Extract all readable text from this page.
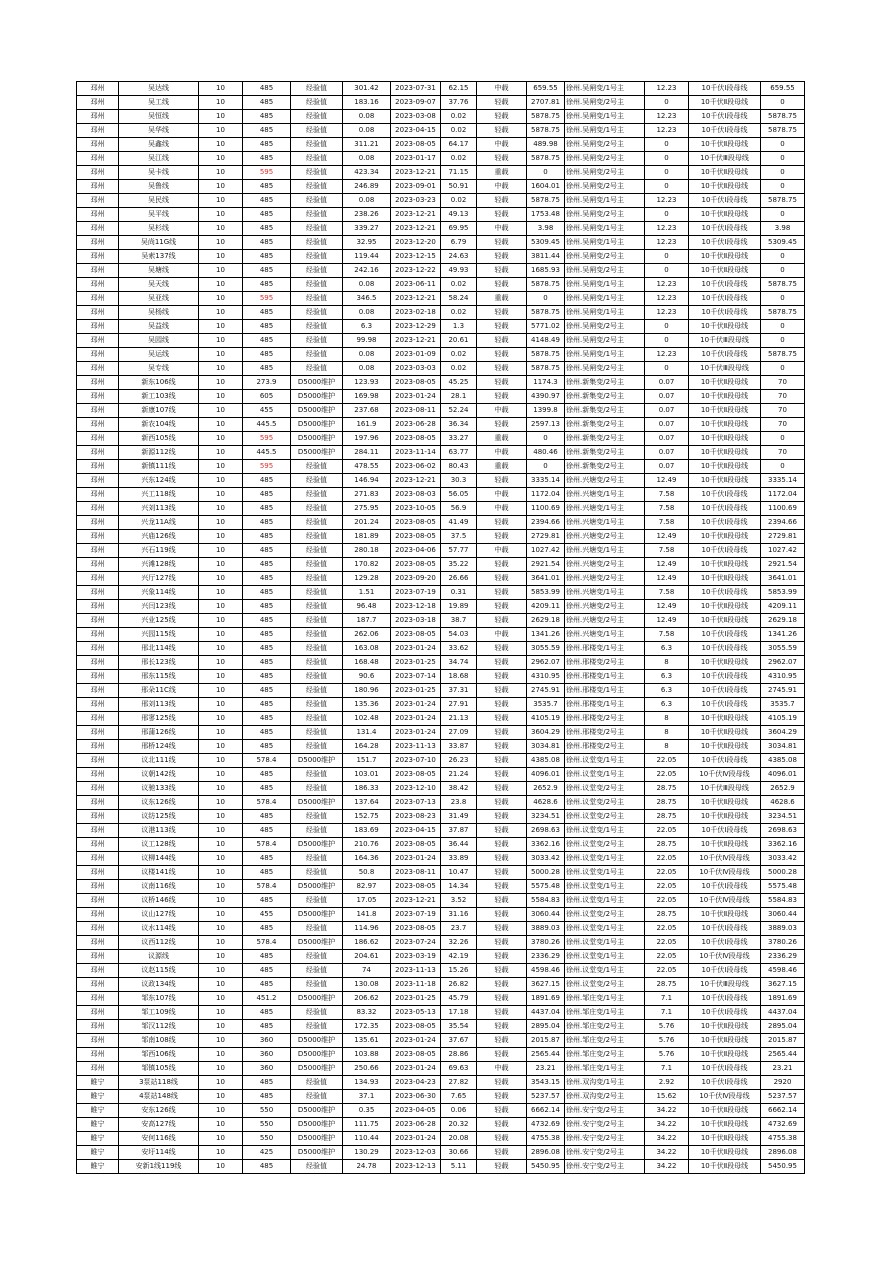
邳州	吴达线	10	485	经验值	301.42	2023-07-31	62.15	中载	659.55	徐州.吴闸变/1号主	12.23	10千伏Ⅰ段母线	659.55
邳州	吴工线	10	485	经验值	183.16	2023-09-07	37.76	轻载	2707.81	徐州.吴闸变/2号主	0	10千伏Ⅱ段母线	0
邳州	吴恒线	10	485	经验值	0.08	2023-03-08	0.02	轻载	5878.75	徐州.吴闸变/1号主	12.23	10千伏Ⅰ段母线	5878.75
邳州	吴华线	10	485	经验值	0.08	2023-04-15	0.02	轻载	5878.75	徐州.吴闸变/1号主	12.23	10千伏Ⅰ段母线	5878.75
邳州	吴鑫线	10	485	经验值	311.21	2023-08-05	64.17	中载	489.98	徐州.吴闸变/2号主	0	10千伏Ⅱ段母线	0
邳州	吴江线	10	485	经验值	0.08	2023-01-17	0.02	轻载	5878.75	徐州.吴闸变/2号主	0	10千伏Ⅲ段母线	0
邳州	吴卡线	10	595	经验值	423.34	2023-12-21	71.15	重载	0	徐州.吴闸变/2号主	0	10千伏Ⅱ段母线	0
邳州	吴鲁线	10	485	经验值	246.89	2023-09-01	50.91	中载	1604.01	徐州.吴闸变/2号主	0	10千伏Ⅱ段母线	0
邳州	吴民线	10	485	经验值	0.08	2023-03-23	0.02	轻载	5878.75	徐州.吴闸变/1号主	12.23	10千伏Ⅰ段母线	5878.75
邳州	吴平线	10	485	经验值	238.26	2023-12-21	49.13	轻载	1753.48	徐州.吴闸变/2号主	0	10千伏Ⅱ段母线	0
邳州	吴杉线	10	485	经验值	339.27	2023-12-21	69.95	中载	3.98	徐州.吴闸变/1号主	12.23	10千伏Ⅰ段母线	3.98
邳州	吴尚11G线	10	485	经验值	32.95	2023-12-20	6.79	轻载	5309.45	徐州.吴闸变/1号主	12.23	10千伏Ⅰ段母线	5309.45
邳州	吴索137线	10	485	经验值	119.44	2023-12-15	24.63	轻载	3811.44	徐州.吴闸变/2号主	0	10千伏Ⅱ段母线	0
邳州	吴塘线	10	485	经验值	242.16	2023-12-22	49.93	轻载	1685.93	徐州.吴闸变/2号主	0	10千伏Ⅱ段母线	0
邳州	吴天线	10	485	经验值	0.08	2023-06-11	0.02	轻载	5878.75	徐州.吴闸变/1号主	12.23	10千伏Ⅰ段母线	5878.75
邳州	吴亚线	10	595	经验值	346.5	2023-12-21	58.24	重载	0	徐州.吴闸变/1号主	12.23	10千伏Ⅰ段母线	0
邳州	吴杨线	10	485	经验值	0.08	2023-02-18	0.02	轻载	5878.75	徐州.吴闸变/1号主	12.23	10千伏Ⅰ段母线	5878.75
邳州	吴益线	10	485	经验值	6.3	2023-12-29	1.3	轻载	5771.02	徐州.吴闸变/2号主	0	10千伏Ⅱ段母线	0
邳州	吴园线	10	485	经验值	99.98	2023-12-21	20.61	轻载	4148.49	徐州.吴闸变/2号主	0	10千伏Ⅲ段母线	0
邳州	吴运线	10	485	经验值	0.08	2023-01-09	0.02	轻载	5878.75	徐州.吴闸变/1号主	12.23	10千伏Ⅰ段母线	5878.75
邳州	吴专线	10	485	经验值	0.08	2023-03-03	0.02	轻载	5878.75	徐州.吴闸变/2号主	0	10千伏Ⅲ段母线	0
邳州	新东106线	10	273.9	D5000维护	123.93	2023-08-05	45.25	轻载	1174.3	徐州.新集变/2号主	0.07	10千伏Ⅱ段母线	70
邳州	新工103线	10	605	D5000维护	169.98	2023-01-24	28.1	轻载	4390.97	徐州.新集变/2号主	0.07	10千伏Ⅱ段母线	70
邳州	新康107线	10	455	D5000维护	237.68	2023-08-11	52.24	中载	1399.8	徐州.新集变/2号主	0.07	10千伏Ⅱ段母线	70
邳州	新农104线	10	445.5	D5000维护	161.9	2023-06-28	36.34	轻载	2597.13	徐州.新集变/2号主	0.07	10千伏Ⅱ段母线	70
邳州	新西105线	10	595	D5000维护	197.96	2023-08-05	33.27	重载	0	徐州.新集变/2号主	0.07	10千伏Ⅱ段母线	0
邳州	新源112线	10	445.5	D5000维护	284.11	2023-11-14	63.77	中载	480.46	徐州.新集变/2号主	0.07	10千伏Ⅱ段母线	70
邳州	新镇111线	10	595	经验值	478.55	2023-06-02	80.43	重载	0	徐州.新集变/2号主	0.07	10千伏Ⅱ段母线	0
邳州	兴东124线	10	485	经验值	146.94	2023-12-21	30.3	轻载	3335.14	徐州.兴塘变/2号主	12.49	10千伏Ⅱ段母线	3335.14
邳州	兴工118线	10	485	经验值	271.83	2023-08-03	56.05	中载	1172.04	徐州.兴塘变/1号主	7.58	10千伏Ⅰ段母线	1172.04
邳州	兴刘113线	10	485	经验值	275.95	2023-10-05	56.9	中载	1100.69	徐州.兴塘变/1号主	7.58	10千伏Ⅰ段母线	1100.69
邳州	兴龙11A线	10	485	经验值	201.24	2023-08-05	41.49	轻载	2394.66	徐州.兴塘变/1号主	7.58	10千伏Ⅰ段母线	2394.66
邳州	兴庙126线	10	485	经验值	181.89	2023-08-05	37.5	轻载	2729.81	徐州.兴塘变/2号主	12.49	10千伏Ⅱ段母线	2729.81
邳州	兴石119线	10	485	经验值	280.18	2023-04-06	57.77	中载	1027.42	徐州.兴塘变/1号主	7.58	10千伏Ⅰ段母线	1027.42
邳州	兴滩128线	10	485	经验值	170.82	2023-08-05	35.22	轻载	2921.54	徐州.兴塘变/2号主	12.49	10千伏Ⅱ段母线	2921.54
邳州	兴厅127线	10	485	经验值	129.28	2023-09-20	26.66	轻载	3641.01	徐州.兴塘变/2号主	12.49	10千伏Ⅱ段母线	3641.01
邳州	兴象114线	10	485	经验值	1.51	2023-07-19	0.31	轻载	5853.99	徐州.兴塘变/1号主	7.58	10千伏Ⅰ段母线	5853.99
邳州	兴闫123线	10	485	经验值	96.48	2023-12-18	19.89	轻载	4209.11	徐州.兴塘变/2号主	12.49	10千伏Ⅱ段母线	4209.11
邳州	兴业125线	10	485	经验值	187.7	2023-03-18	38.7	轻载	2629.18	徐州.兴塘变/2号主	12.49	10千伏Ⅱ段母线	2629.18
邳州	兴园115线	10	485	经验值	262.06	2023-08-05	54.03	中载	1341.26	徐州.兴塘变/1号主	7.58	10千伏Ⅰ段母线	1341.26
邳州	邢北114线	10	485	经验值	163.08	2023-01-24	33.62	轻载	3055.59	徐州.邢楼变/1号主	6.3	10千伏Ⅰ段母线	3055.59
邳州	邢长123线	10	485	经验值	168.48	2023-01-25	34.74	轻载	2962.07	徐州.邢楼变/2号主	8	10千伏Ⅱ段母线	2962.07
邳州	邢东115线	10	485	经验值	90.6	2023-07-14	18.68	轻载	4310.95	徐州.邢楼变/1号主	6.3	10千伏Ⅰ段母线	4310.95
邳州	邢朵11C线	10	485	经验值	180.96	2023-01-25	37.31	轻载	2745.91	徐州.邢楼变/1号主	6.3	10千伏Ⅰ段母线	2745.91
邳州	邢刘113线	10	485	经验值	135.36	2023-01-24	27.91	轻载	3535.7	徐州.邢楼变/1号主	6.3	10千伏Ⅰ段母线	3535.7
邳州	邢寥125线	10	485	经验值	102.48	2023-01-24	21.13	轻载	4105.19	徐州.邢楼变/2号主	8	10千伏Ⅱ段母线	4105.19
邳州	邢蒲126线	10	485	经验值	131.4	2023-01-24	27.09	轻载	3604.29	徐州.邢楼变/2号主	8	10千伏Ⅱ段母线	3604.29
邳州	邢桥124线	10	485	经验值	164.28	2023-11-13	33.87	轻载	3034.81	徐州.邢楼变/2号主	8	10千伏Ⅱ段母线	3034.81
邳州	议北111线	10	578.4	D5000维护	151.7	2023-07-10	26.23	轻载	4385.08	徐州.议堂变/1号主	22.05	10千伏Ⅰ段母线	4385.08
邳州	议朝142线	10	485	经验值	103.01	2023-08-05	21.24	轻载	4096.01	徐州.议堂变/1号主	22.05	10千伏Ⅳ段母线	4096.01
邳州	议驰133线	10	485	经验值	186.33	2023-12-10	38.42	轻载	2652.9	徐州.议堂变/2号主	28.75	10千伏Ⅲ段母线	2652.9
邳州	议东126线	10	578.4	D5000维护	137.64	2023-07-13	23.8	轻载	4628.6	徐州.议堂变/2号主	28.75	10千伏Ⅱ段母线	4628.6
邳州	议纺125线	10	485	经验值	152.75	2023-08-23	31.49	轻载	3234.51	徐州.议堂变/2号主	28.75	10千伏Ⅱ段母线	3234.51
邳州	议港113线	10	485	经验值	183.69	2023-04-15	37.87	轻载	2698.63	徐州.议堂变/1号主	22.05	10千伏Ⅰ段母线	2698.63
邳州	议工128线	10	578.4	D5000维护	210.76	2023-08-05	36.44	轻载	3362.16	徐州.议堂变/2号主	28.75	10千伏Ⅱ段母线	3362.16
邳州	议柳144线	10	485	经验值	164.36	2023-01-24	33.89	轻载	3033.42	徐州.议堂变/1号主	22.05	10千伏Ⅳ段母线	3033.42
邳州	议楼141线	10	485	经验值	50.8	2023-08-11	10.47	轻载	5000.28	徐州.议堂变/1号主	22.05	10千伏Ⅳ段母线	5000.28
邳州	议南116线	10	578.4	D5000维护	82.97	2023-08-05	14.34	轻载	5575.48	徐州.议堂变/1号主	22.05	10千伏Ⅰ段母线	5575.48
邳州	议桥146线	10	485	经验值	17.05	2023-12-21	3.52	轻载	5584.83	徐州.议堂变/1号主	22.05	10千伏Ⅳ段母线	5584.83
邳州	议山127线	10	455	D5000维护	141.8	2023-07-19	31.16	轻载	3060.44	徐州.议堂变/2号主	28.75	10千伏Ⅱ段母线	3060.44
邳州	议水114线	10	485	经验值	114.96	2023-08-05	23.7	轻载	3889.03	徐州.议堂变/1号主	22.05	10千伏Ⅰ段母线	3889.03
邳州	议西112线	10	578.4	D5000维护	186.62	2023-07-24	32.26	轻载	3780.26	徐州.议堂变/1号主	22.05	10千伏Ⅰ段母线	3780.26
邳州	议源线	10	485	经验值	204.61	2023-03-19	42.19	轻载	2336.29	徐州.议堂变/1号主	22.05	10千伏Ⅳ段母线	2336.29
邳州	议赵115线	10	485	经验值	74	2023-11-13	15.26	轻载	4598.46	徐州.议堂变/1号主	22.05	10千伏Ⅰ段母线	4598.46
邳州	议政134线	10	485	经验值	130.08	2023-11-18	26.82	轻载	3627.15	徐州.议堂变/2号主	28.75	10千伏Ⅲ段母线	3627.15
邳州	邹东107线	10	451.2	D5000维护	206.62	2023-01-25	45.79	轻载	1891.69	徐州.邹庄变/1号主	7.1	10千伏Ⅰ段母线	1891.69
邳州	邹工109线	10	485	经验值	83.32	2023-05-13	17.18	轻载	4437.04	徐州.邹庄变/1号主	7.1	10千伏Ⅰ段母线	4437.04
邳州	邹汉112线	10	485	经验值	172.35	2023-08-05	35.54	轻载	2895.04	徐州.邹庄变/2号主	5.76	10千伏Ⅱ段母线	2895.04
邳州	邹南108线	10	360	D5000维护	135.61	2023-01-24	37.67	轻载	2015.87	徐州.邹庄变/2号主	5.76	10千伏Ⅱ段母线	2015.87
邳州	邹西106线	10	360	D5000维护	103.88	2023-08-05	28.86	轻载	2565.44	徐州.邹庄变/2号主	5.76	10千伏Ⅱ段母线	2565.44
邳州	邹镇105线	10	360	D5000维护	250.66	2023-01-24	69.63	中载	23.21	徐州.邹庄变/1号主	7.1	10千伏Ⅰ段母线	23.21
睢宁	3泵站118线	10	485	经验值	134.93	2023-04-23	27.82	轻载	3543.15	徐州.双沟变/1号主	2.92	10千伏Ⅰ段母线	2920
睢宁	4泵站148线	10	485	经验值	37.1	2023-06-30	7.65	轻载	5237.57	徐州.双沟变/2号主	15.62	10千伏Ⅳ段母线	5237.57
睢宁	安东126线	10	550	D5000维护	0.35	2023-04-05	0.06	轻载	6662.14	徐州.安宁变/2号主	34.22	10千伏Ⅱ段母线	6662.14
睢宁	安高127线	10	550	D5000维护	111.75	2023-06-28	20.32	轻载	4732.69	徐州.安宁变/2号主	34.22	10千伏Ⅱ段母线	4732.69
睢宁	安何116线	10	550	D5000维护	110.44	2023-01-24	20.08	轻载	4755.38	徐州.安宁变/2号主	34.22	10千伏Ⅱ段母线	4755.38
睢宁	安圩114线	10	425	D5000维护	130.29	2023-12-03	30.66	轻载	2896.08	徐州.安宁变/2号主	34.22	10千伏Ⅱ段母线	2896.08
睢宁	安新1线119线	10	485	经验值	24.78	2023-12-13	5.11	轻载	5450.95	徐州.安宁变/2号主	34.22	10千伏Ⅱ段母线	5450.95
